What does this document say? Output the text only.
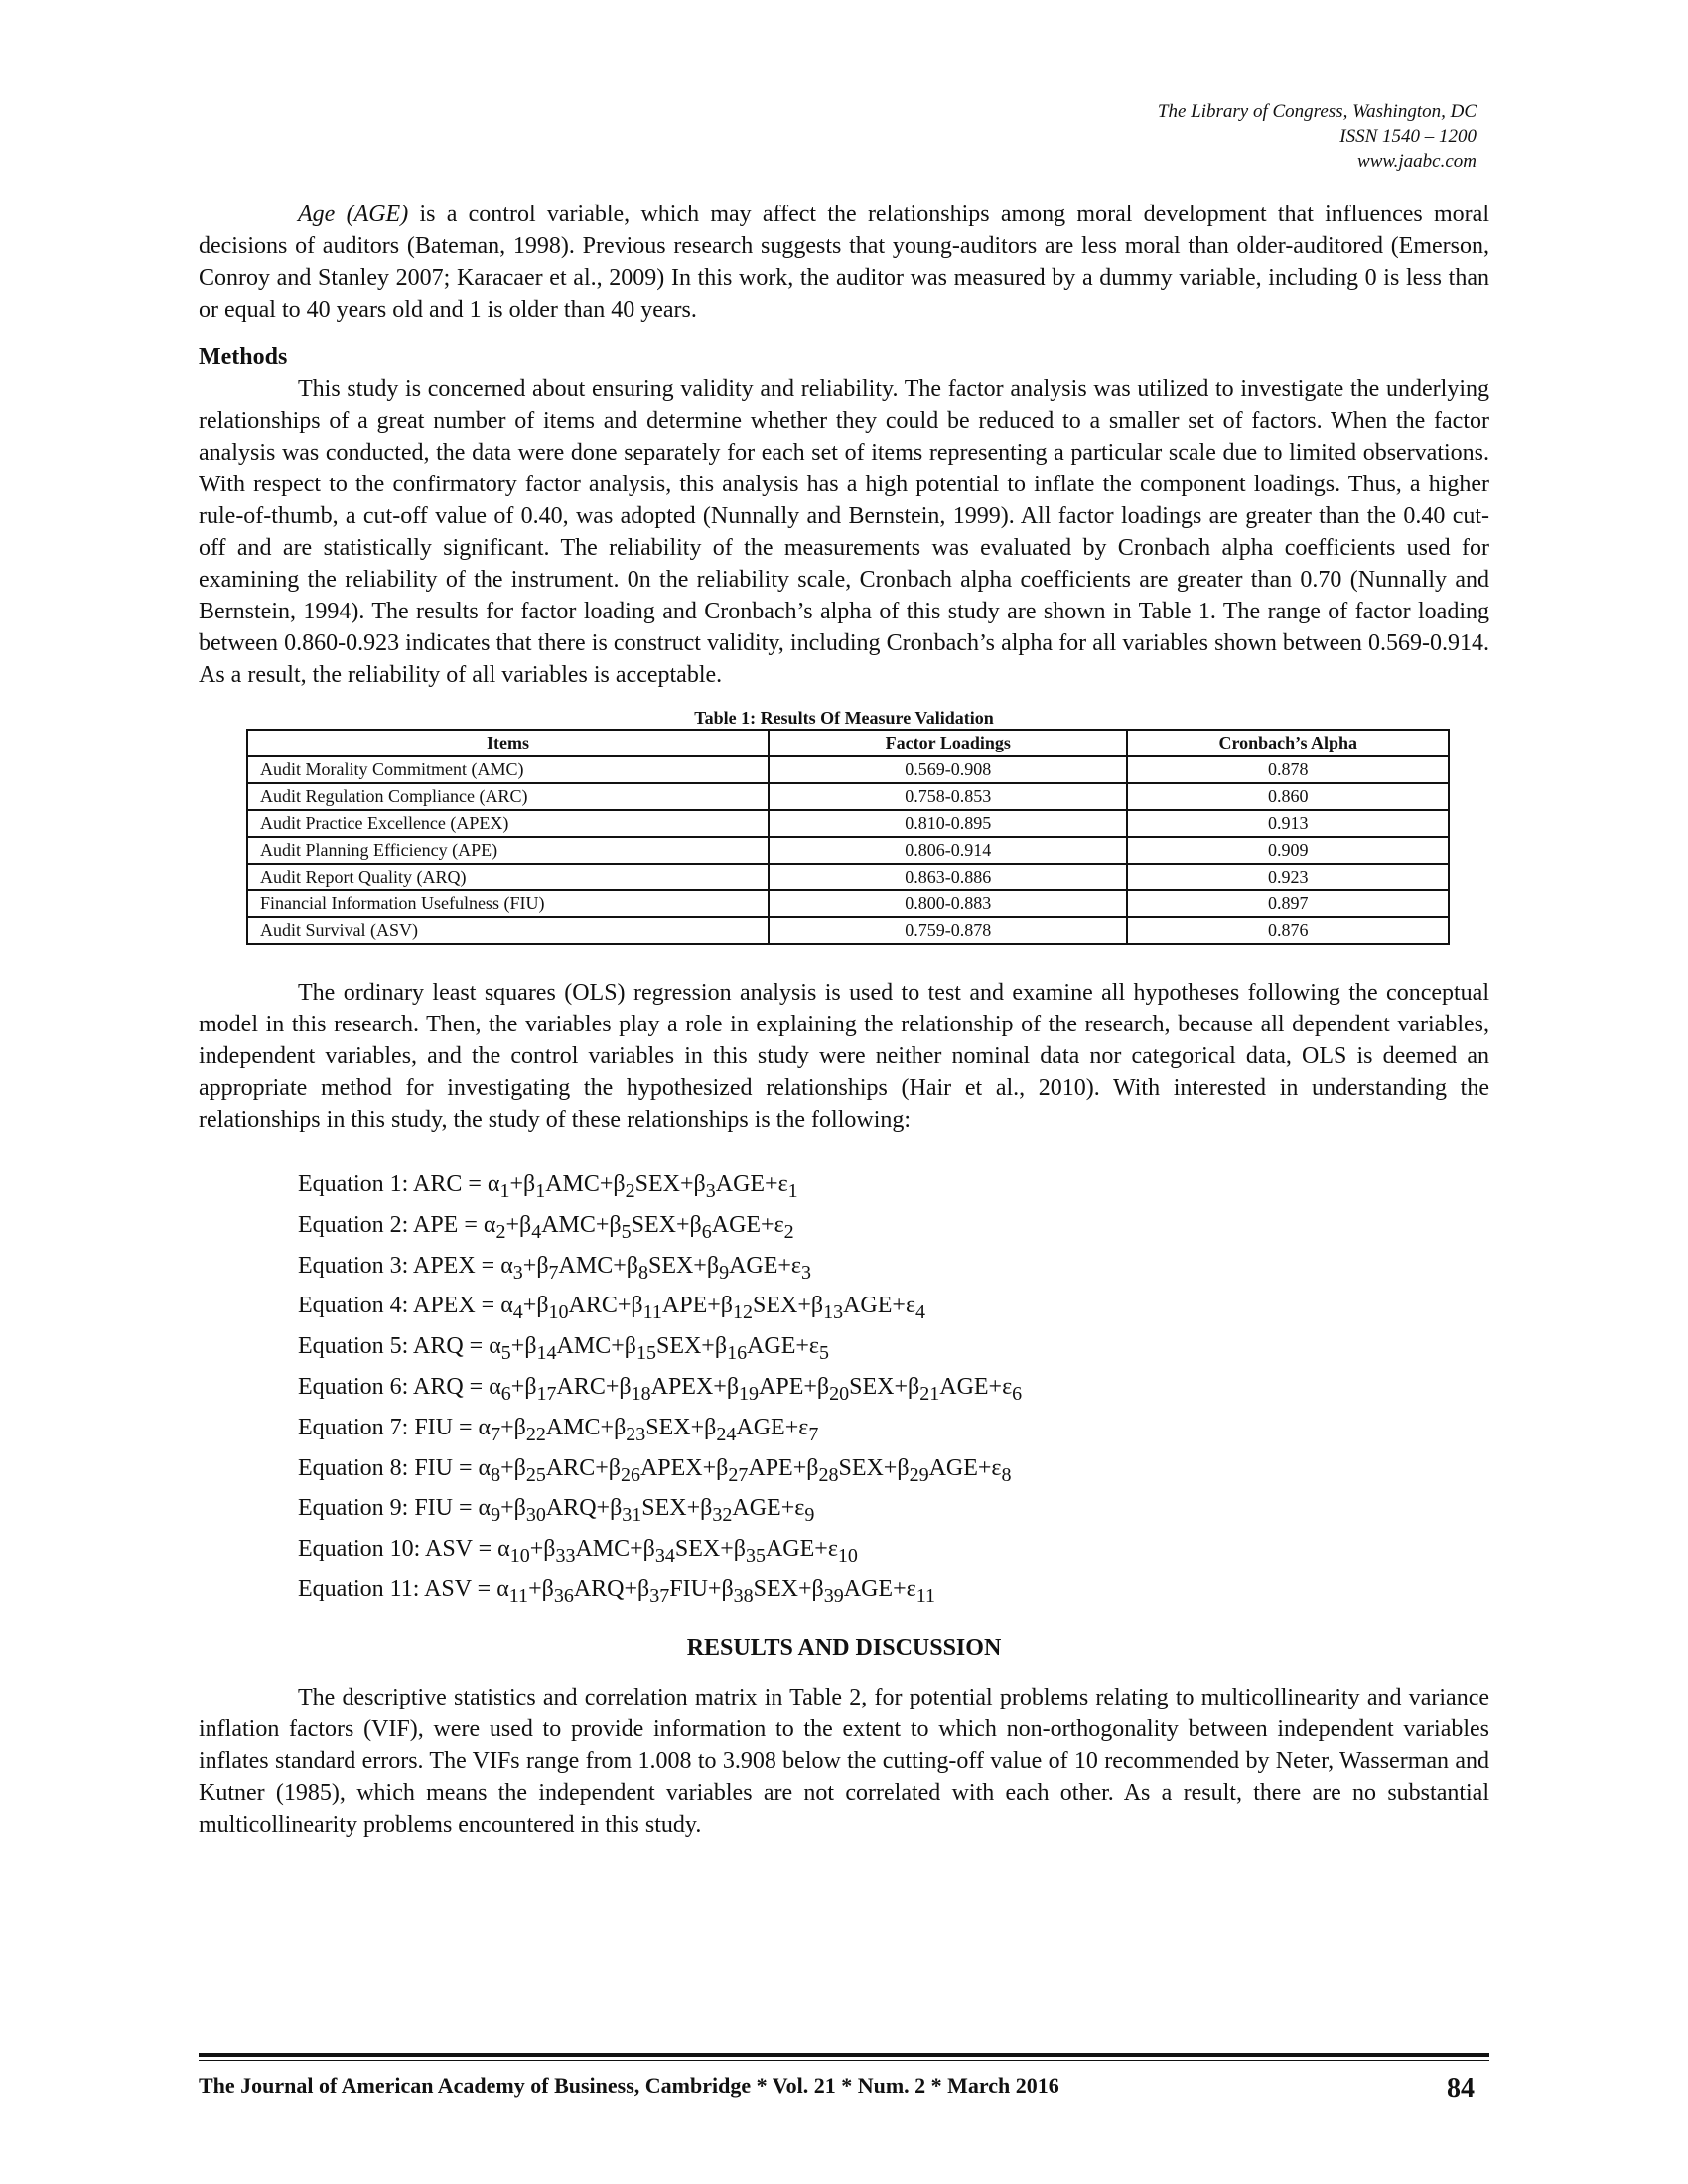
The Library of Congress, Washington, DC
ISSN 1540 – 1200
www.jaabc.com

Age (AGE) is a control variable, which may affect the relationships among moral development that influences moral decisions of auditors (Bateman, 1998). Previous research suggests that young-auditors are less moral than older-auditored (Emerson, Conroy and Stanley 2007; Karacaer et al., 2009) In this work, the auditor was measured by a dummy variable, including 0 is less than or equal to 40 years old and 1 is older than 40 years.

Methods

This study is concerned about ensuring validity and reliability. The factor analysis was utilized to investigate the underlying relationships of a great number of items and determine whether they could be reduced to a smaller set of factors. When the factor analysis was conducted, the data were done separately for each set of items representing a particular scale due to limited observations. With respect to the confirmatory factor analysis, this analysis has a high potential to inflate the component loadings. Thus, a higher rule-of-thumb, a cut-off value of 0.40, was adopted (Nunnally and Bernstein, 1999). All factor loadings are greater than the 0.40 cut-off and are statistically significant. The reliability of the measurements was evaluated by Cronbach alpha coefficients used for examining the reliability of the instrument. 0n the reliability scale, Cronbach alpha coefficients are greater than 0.70 (Nunnally and Bernstein, 1994). The results for factor loading and Cronbach’s alpha of this study are shown in Table 1. The range of factor loading between 0.860-0.923 indicates that there is construct validity, including Cronbach’s alpha for all variables shown between 0.569-0.914. As a result, the reliability of all variables is acceptable.

Table 1: Results Of Measure Validation
Items	Factor Loadings	Cronbach’s Alpha
Audit Morality Commitment (AMC)	0.569-0.908	0.878
Audit Regulation Compliance (ARC)	0.758-0.853	0.860
Audit Practice Excellence (APEX)	0.810-0.895	0.913
Audit Planning Efficiency (APE)	0.806-0.914	0.909
Audit Report Quality (ARQ)	0.863-0.886	0.923
Financial Information Usefulness (FIU)	0.800-0.883	0.897
Audit Survival (ASV)	0.759-0.878	0.876

The ordinary least squares (OLS) regression analysis is used to test and examine all hypotheses following the conceptual model in this research. Then, the variables play a role in explaining the relationship of the research, because all dependent variables, independent variables, and the control variables in this study were neither nominal data nor categorical data, OLS is deemed an appropriate method for investigating the hypothesized relationships (Hair et al., 2010). With interested in understanding the relationships in this study, the study of these relationships is the following:

Equation 1: ARC = $\alpha_1+\beta_1AMC+\beta_2SEX+\beta_3AGE+\varepsilon_1$
Equation 2: APE = $\alpha_2+\beta_4AMC+\beta_5SEX+\beta_6AGE+\varepsilon_2$
Equation 3: APEX = $\alpha_3+\beta_7AMC+\beta_8SEX+\beta_9AGE+\varepsilon_3$
Equation 4: APEX = $\alpha_4+\beta_{10}ARC+\beta_{11}APE+\beta_{12}SEX+\beta_{13}AGE+\varepsilon_4$
Equation 5: ARQ = $\alpha_5+\beta_{14}AMC+\beta_{15}SEX+\beta_{16}AGE+\varepsilon_5$
Equation 6: ARQ = $\alpha_6+\beta_{17}ARC+\beta_{18}APEX+\beta_{19}APE+\beta_{20}SEX+\beta_{21}AGE+\varepsilon_6$
Equation 7: FIU = $\alpha_7+\beta_{22}AMC+\beta_{23}SEX+\beta_{24}AGE+\varepsilon_7$
Equation 8: FIU = $\alpha_8+\beta_{25}ARC+\beta_{26}APEX+\beta_{27}APE+\beta_{28}SEX+\beta_{29}AGE+\varepsilon_8$
Equation 9: FIU = $\alpha_9+\beta_{30}ARQ+\beta_{31}SEX+\beta_{32}AGE+\varepsilon_9$
Equation 10: ASV = $\alpha_{10}+\beta_{33}AMC+\beta_{34}SEX+\beta_{35}AGE+\varepsilon_{10}$
Equation 11: ASV = $\alpha_{11}+\beta_{36}ARQ+\beta_{37}FIU+\beta_{38}SEX+\beta_{39}AGE+\varepsilon_{11}$
RESULTS AND DISCUSSION

The descriptive statistics and correlation matrix in Table 2, for potential problems relating to multicollinearity and variance inflation factors (VIF), were used to provide information to the extent to which non-orthogonality between independent variables inflates standard errors. The VIFs range from 1.008 to 3.908 below the cutting-off value of 10 recommended by Neter, Wasserman and Kutner (1985), which means the independent variables are not correlated with each other. As a result, there are no substantial multicollinearity problems encountered in this study.

The Journal of American Academy of Business, Cambridge * Vol. 21 * Num. 2 * March 2016	84
